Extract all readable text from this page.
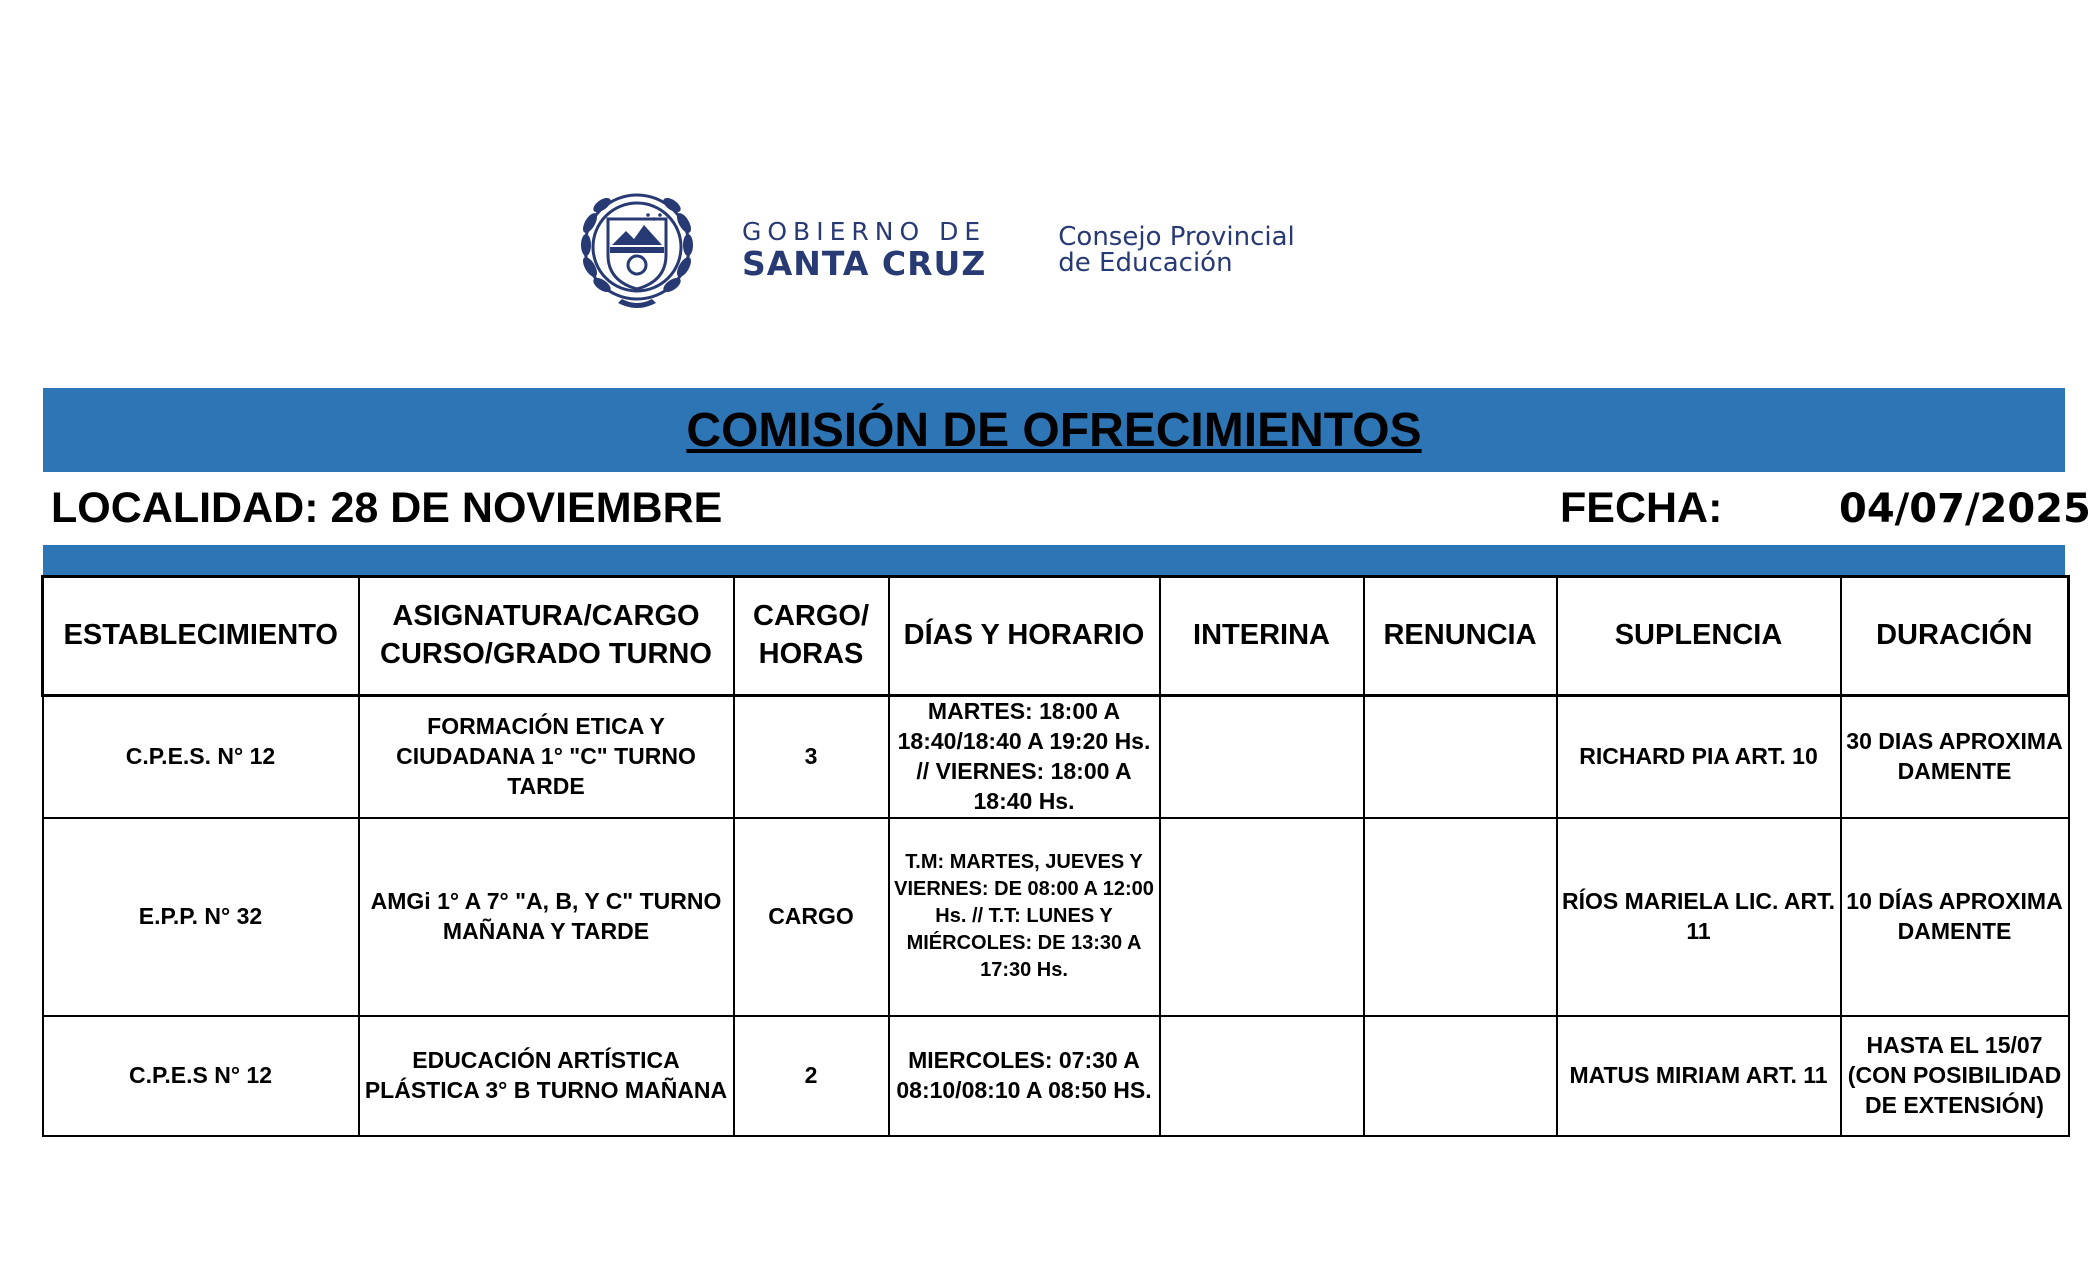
GOBIERNO DE
SANTA CRUZ
Consejo Provincial
de Educación
COMISIÓN DE OFRECIMIENTOS
LOCALIDAD: 28 DE NOVIEMBRE	FECHA:	04/07/2025
ESTABLECIMIENTO	ASIGNATURA/CARGO CURSO/GRADO TURNO	CARGO/ HORAS	DÍAS Y HORARIO	INTERINA	RENUNCIA	SUPLENCIA	DURACIÓN
C.P.E.S. N° 12	FORMACIÓN ETICA Y CIUDADANA 1° "C" TURNO TARDE	3	MARTES: 18:00 A 18:40/18:40 A 19:20 Hs. // VIERNES: 18:00 A 18:40 Hs.			RICHARD PIA ART. 10	30 DIAS APROXIMADAMENTE
E.P.P. N° 32	AMGi 1° A 7° "A, B, Y C" TURNO MAÑANA Y TARDE	CARGO	T.M: MARTES, JUEVES Y VIERNES: DE 08:00 A 12:00 Hs. // T.T: LUNES Y MIÉRCOLES: DE 13:30 A 17:30 Hs.			RÍOS MARIELA LIC. ART. 11	10 DÍAS APROXIMADAMENTE
C.P.E.S N° 12	EDUCACIÓN ARTÍSTICA PLÁSTICA 3° B TURNO MAÑANA	2	MIERCOLES: 07:30 A 08:10/08:10 A 08:50 HS.			MATUS MIRIAM ART. 11	HASTA EL 15/07 (CON POSIBILIDAD DE EXTENSIÓN)
